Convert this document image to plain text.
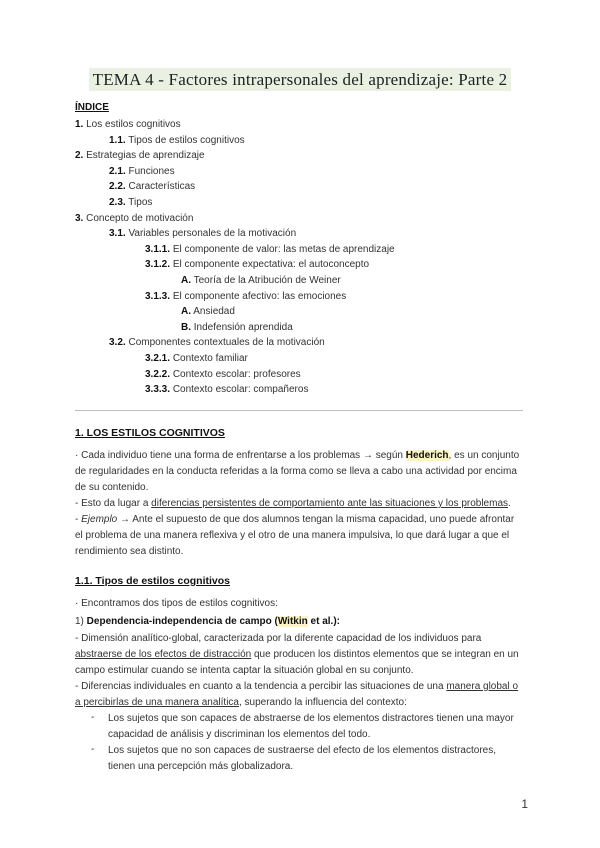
TEMA 4 - Factores intrapersonales del aprendizaje: Parte 2
ÍNDICE
1. Los estilos cognitivos
1.1. Tipos de estilos cognitivos
2. Estrategias de aprendizaje
2.1. Funciones
2.2. Características
2.3. Tipos
3. Concepto de motivación
3.1. Variables personales de la motivación
3.1.1. El componente de valor: las metas de aprendizaje
3.1.2. El componente expectativa: el autoconcepto
A. Teoría de la Atribución de Weiner
3.1.3. El componente afectivo: las emociones
A. Ansiedad
B. Indefensión aprendida
3.2. Componentes contextuales de la motivación
3.2.1. Contexto familiar
3.2.2. Contexto escolar: profesores
3.3.3. Contexto escolar: compañeros
1. LOS ESTILOS COGNITIVOS
· Cada individuo tiene una forma de enfrentarse a los problemas → según Hederich, es un conjunto
de regularidades en la conducta referidas a la forma como se lleva a cabo una actividad por encima
de su contenido.
- Esto da lugar a diferencias persistentes de comportamiento ante las situaciones y los problemas.
- Ejemplo → Ante el supuesto de que dos alumnos tengan la misma capacidad, uno puede afrontar
el problema de una manera reflexiva y el otro de una manera impulsiva, lo que dará lugar a que el
rendimiento sea distinto.
1.1. Tipos de estilos cognitivos
· Encontramos dos tipos de estilos cognitivos:
1) Dependencia-independencia de campo (Witkin et al.):
- Dimensión analítico-global, caracterizada por la diferente capacidad de los individuos para
abstraerse de los efectos de distracción que producen los distintos elementos que se integran en un
campo estimular cuando se intenta captar la situación global en su conjunto.
- Diferencias individuales en cuanto a la tendencia a percibir las situaciones de una manera global o
a percibirlas de una manera analítica, superando la influencia del contexto:
- Los sujetos que son capaces de abstraerse de los elementos distractores tienen una mayor
capacidad de análisis y discriminan los elementos del todo.
- Los sujetos que no son capaces de sustraerse del efecto de los elementos distractores,
tienen una percepción más globalizadora.
1
